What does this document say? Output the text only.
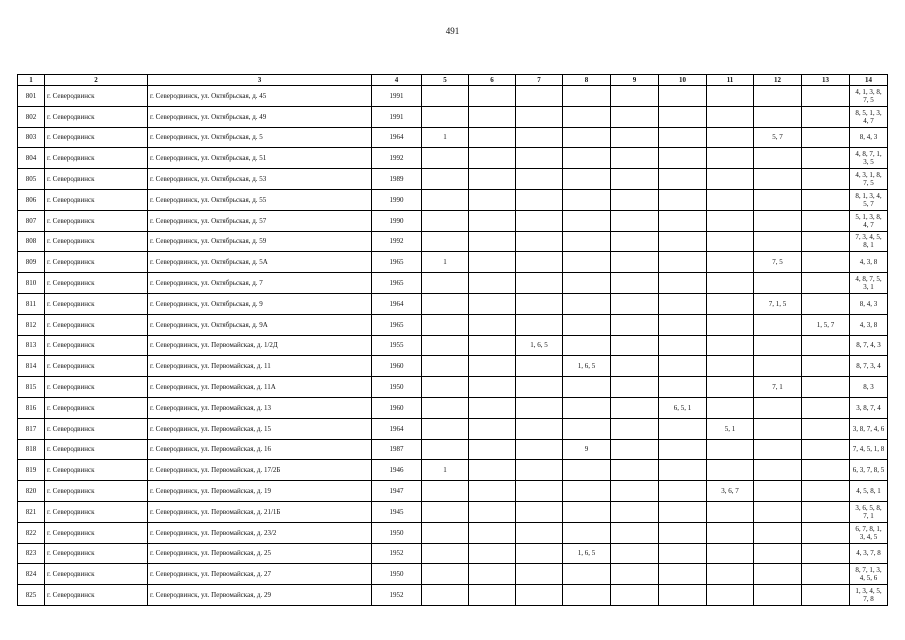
491
1	2	3	4	5	6	7	8	9	10	11	12	13	14
801	г. Северодвинск	г. Северодвинск, ул. Октябрьская, д. 45	1991										4, 1, 3, 8, 7, 5
802	г. Северодвинск	г. Северодвинск, ул. Октябрьская, д. 49	1991										8, 5, 1, 3, 4, 7
803	г. Северодвинск	г. Северодвинск, ул. Октябрьская, д. 5	1964	1							5, 7		8, 4, 3
804	г. Северодвинск	г. Северодвинск, ул. Октябрьская, д. 51	1992										4, 8, 7, 1, 3, 5
805	г. Северодвинск	г. Северодвинск, ул. Октябрьская, д. 53	1989										4, 3, 1, 8, 7, 5
806	г. Северодвинск	г. Северодвинск, ул. Октябрьская, д. 55	1990										8, 1, 3, 4, 5, 7
807	г. Северодвинск	г. Северодвинск, ул. Октябрьская, д. 57	1990										5, 1, 3, 8, 4, 7
808	г. Северодвинск	г. Северодвинск, ул. Октябрьская, д. 59	1992										7, 3, 4, 5, 8, 1
809	г. Северодвинск	г. Северодвинск, ул. Октябрьская, д. 5А	1965	1							7, 5		4, 3, 8
810	г. Северодвинск	г. Северодвинск, ул. Октябрьская, д. 7	1965										4, 8, 7, 5, 3, 1
811	г. Северодвинск	г. Северодвинск, ул. Октябрьская, д. 9	1964								7, 1, 5		8, 4, 3
812	г. Северодвинск	г. Северодвинск, ул. Октябрьская, д. 9А	1965									1, 5, 7	4, 3, 8
813	г. Северодвинск	г. Северодвинск, ул. Первомайская, д. 1/2Д	1955			1, 6, 5							8, 7, 4, 3
814	г. Северодвинск	г. Северодвинск, ул. Первомайская, д. 11	1960				1, 6, 5						8, 7, 3, 4
815	г. Северодвинск	г. Северодвинск, ул. Первомайская, д. 11А	1950								7, 1		8, 3
816	г. Северодвинск	г. Северодвинск, ул. Первомайская, д. 13	1960						6, 5, 1				3, 8, 7, 4
817	г. Северодвинск	г. Северодвинск, ул. Первомайская, д. 15	1964							5, 1			3, 8, 7, 4, 6
818	г. Северодвинск	г. Северодвинск, ул. Первомайская, д. 16	1987				9						7, 4, 5, 1, 8
819	г. Северодвинск	г. Северодвинск, ул. Первомайская, д. 17/2Б	1946	1									6, 3, 7, 8, 5
820	г. Северодвинск	г. Северодвинск, ул. Первомайская, д. 19	1947							3, 6, 7			4, 5, 8, 1
821	г. Северодвинск	г. Северодвинск, ул. Первомайская, д. 21/1Б	1945										3, 6, 5, 8, 7, 1
822	г. Северодвинск	г. Северодвинск, ул. Первомайская, д. 23/2	1950										6, 7, 8, 1, 3, 4, 5
823	г. Северодвинск	г. Северодвинск, ул. Первомайская, д. 25	1952				1, 6, 5						4, 3, 7, 8
824	г. Северодвинск	г. Северодвинск, ул. Первомайская, д. 27	1950										8, 7, 1, 3, 4, 5, 6
825	г. Северодвинск	г. Северодвинск, ул. Первомайская, д. 29	1952										1, 3, 4, 5, 7, 8
